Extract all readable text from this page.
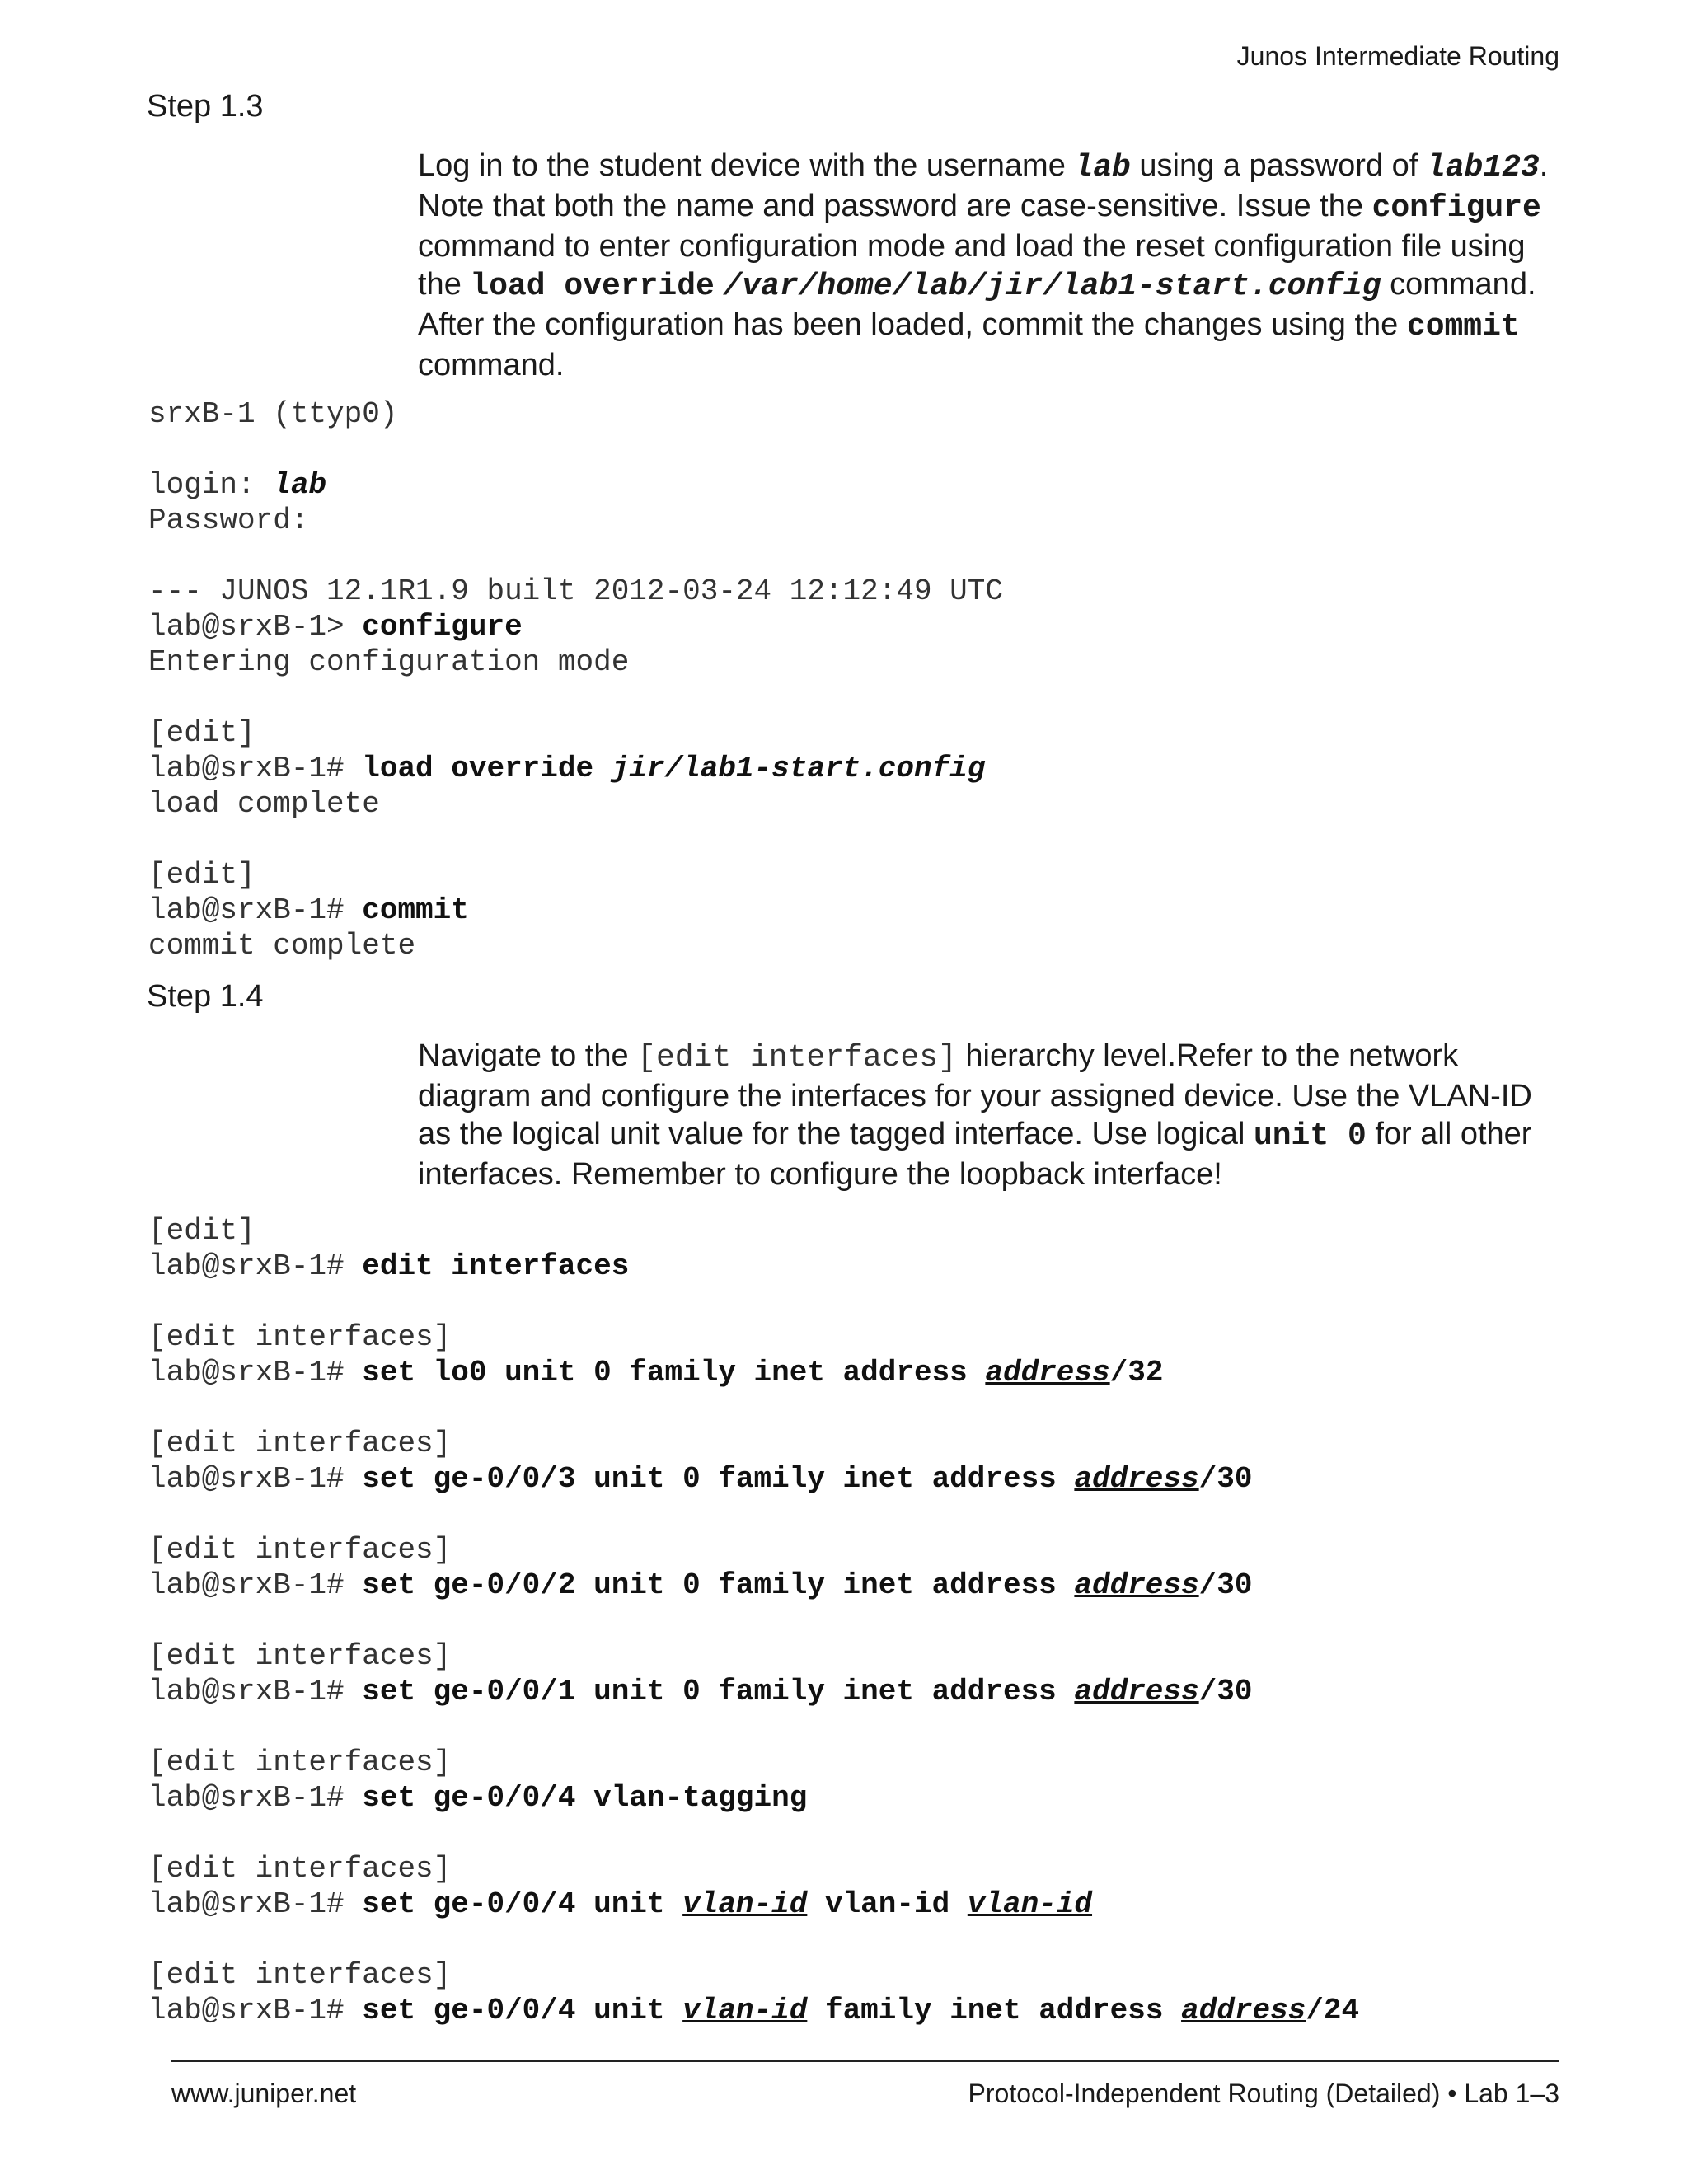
Junos Intermediate Routing
Step 1.3

Log in to the student device with the username lab using a password of lab123. Note that both the name and password are case-sensitive. Issue the configure command to enter configuration mode and load the reset configuration file using the load override /var/home/lab/jir/lab1-start.config command. After the configuration has been loaded, commit the changes using the commit command.

srxB-1 (ttyp0)
login: lab
Password:
--- JUNOS 12.1R1.9 built 2012-03-24 12:12:49 UTC
lab@srxB-1> configure
Entering configuration mode
[edit]
lab@srxB-1# load override jir/lab1-start.config
load complete
[edit]
lab@srxB-1# commit
commit complete
Step 1.4

Navigate to the [edit interfaces] hierarchy level.Refer to the network diagram and configure the interfaces for your assigned device. Use the VLAN-ID as the logical unit value for the tagged interface. Use logical unit 0 for all other interfaces. Remember to configure the loopback interface!

[edit]
lab@srxB-1# edit interfaces
[edit interfaces]
lab@srxB-1# set lo0 unit 0 family inet address address/32
[edit interfaces]
lab@srxB-1# set ge-0/0/3 unit 0 family inet address address/30
[edit interfaces]
lab@srxB-1# set ge-0/0/2 unit 0 family inet address address/30
[edit interfaces]
lab@srxB-1# set ge-0/0/1 unit 0 family inet address address/30
[edit interfaces]
lab@srxB-1# set ge-0/0/4 vlan-tagging
[edit interfaces]
lab@srxB-1# set ge-0/0/4 unit vlan-id vlan-id vlan-id
[edit interfaces]
lab@srxB-1# set ge-0/0/4 unit vlan-id family inet address address/24
www.juniper.net	Protocol-Independent Routing (Detailed) • Lab 1–3
